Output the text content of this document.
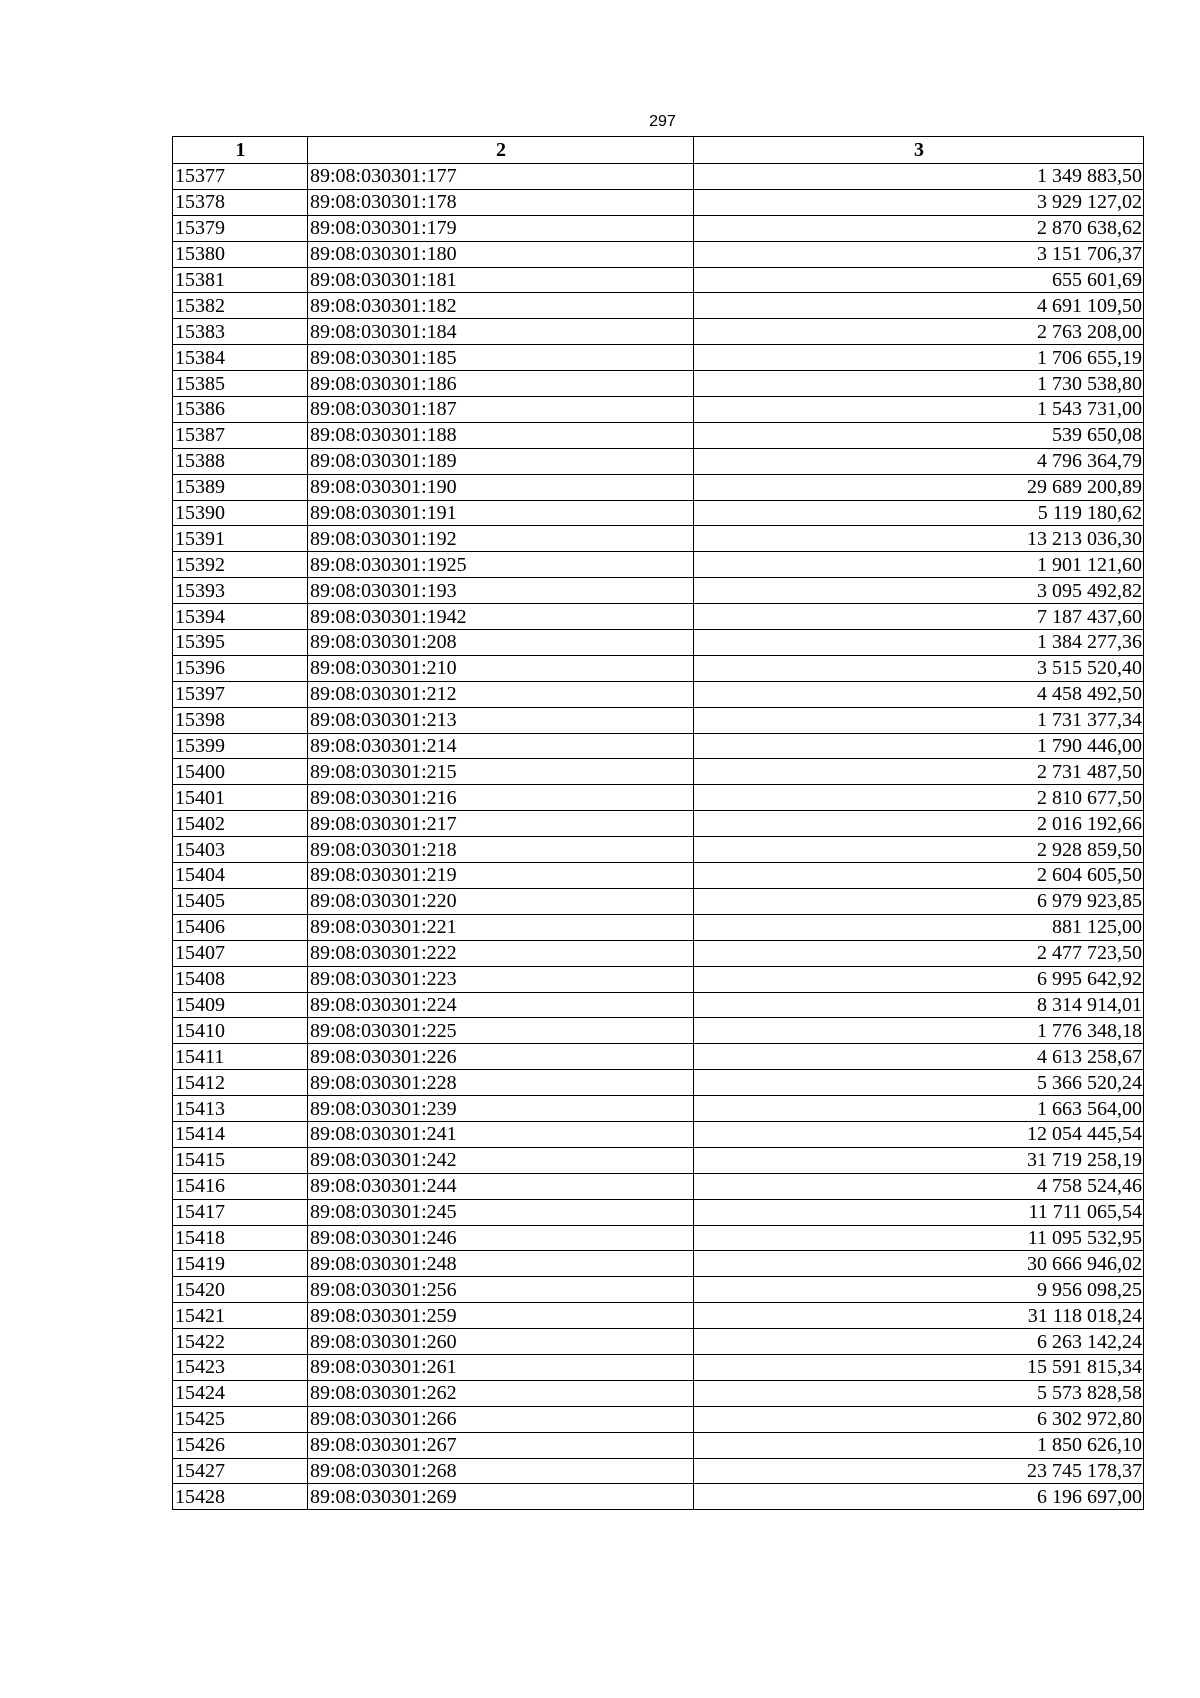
297
1	2	3
15377	89:08:030301:177	1 349 883,50
15378	89:08:030301:178	3 929 127,02
15379	89:08:030301:179	2 870 638,62
15380	89:08:030301:180	3 151 706,37
15381	89:08:030301:181	655 601,69
15382	89:08:030301:182	4 691 109,50
15383	89:08:030301:184	2 763 208,00
15384	89:08:030301:185	1 706 655,19
15385	89:08:030301:186	1 730 538,80
15386	89:08:030301:187	1 543 731,00
15387	89:08:030301:188	539 650,08
15388	89:08:030301:189	4 796 364,79
15389	89:08:030301:190	29 689 200,89
15390	89:08:030301:191	5 119 180,62
15391	89:08:030301:192	13 213 036,30
15392	89:08:030301:1925	1 901 121,60
15393	89:08:030301:193	3 095 492,82
15394	89:08:030301:1942	7 187 437,60
15395	89:08:030301:208	1 384 277,36
15396	89:08:030301:210	3 515 520,40
15397	89:08:030301:212	4 458 492,50
15398	89:08:030301:213	1 731 377,34
15399	89:08:030301:214	1 790 446,00
15400	89:08:030301:215	2 731 487,50
15401	89:08:030301:216	2 810 677,50
15402	89:08:030301:217	2 016 192,66
15403	89:08:030301:218	2 928 859,50
15404	89:08:030301:219	2 604 605,50
15405	89:08:030301:220	6 979 923,85
15406	89:08:030301:221	881 125,00
15407	89:08:030301:222	2 477 723,50
15408	89:08:030301:223	6 995 642,92
15409	89:08:030301:224	8 314 914,01
15410	89:08:030301:225	1 776 348,18
15411	89:08:030301:226	4 613 258,67
15412	89:08:030301:228	5 366 520,24
15413	89:08:030301:239	1 663 564,00
15414	89:08:030301:241	12 054 445,54
15415	89:08:030301:242	31 719 258,19
15416	89:08:030301:244	4 758 524,46
15417	89:08:030301:245	11 711 065,54
15418	89:08:030301:246	11 095 532,95
15419	89:08:030301:248	30 666 946,02
15420	89:08:030301:256	9 956 098,25
15421	89:08:030301:259	31 118 018,24
15422	89:08:030301:260	6 263 142,24
15423	89:08:030301:261	15 591 815,34
15424	89:08:030301:262	5 573 828,58
15425	89:08:030301:266	6 302 972,80
15426	89:08:030301:267	1 850 626,10
15427	89:08:030301:268	23 745 178,37
15428	89:08:030301:269	6 196 697,00
